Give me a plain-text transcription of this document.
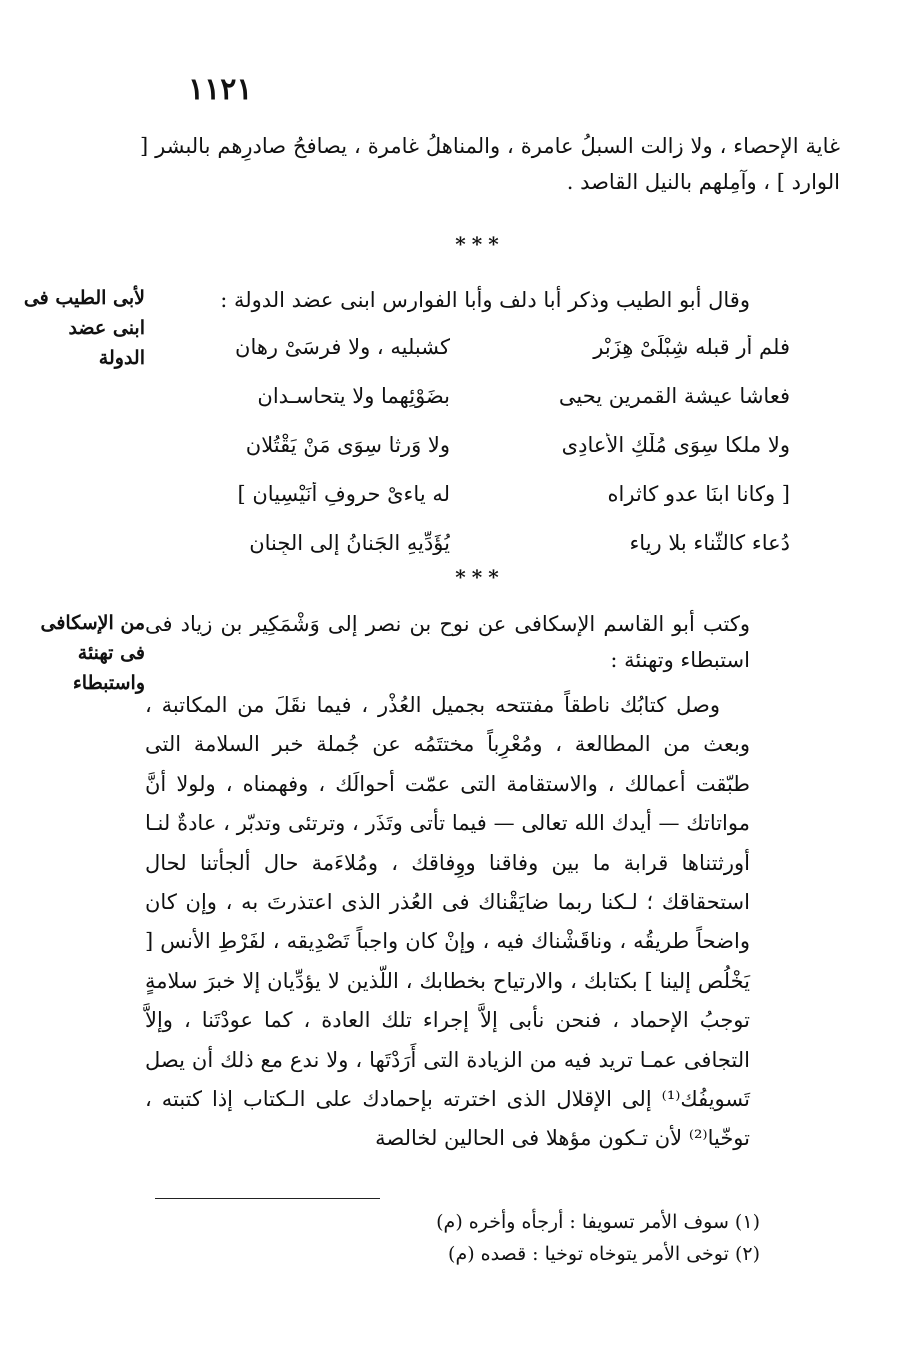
١١٢١
غاية الإحصاء ، ولا زالت السبلُ عامرة ، والمناهلُ غامرة ، يصافحُ صادرِهم بالبشر [ الوارد ] ، وآمِلهم بالنيل القاصد .
***
لأبى الطيب فى ابنى عضد الدولة
وقال أبو الطيب وذكر أبا دلف وأبا الفوارس ابنى عضد الدولة :
فلم أر قبله شِبْلَىْ هِزَبْرٍ
كشبليه ، ولا فرسَىْ رهانِ
فعاشا عيشة القمرين يحيى
بضَوْئِهما ولا يتحاسـدانِ
ولا ملكا سِوَى مُلْكِ الأعادِى
ولا وَرِثا سِوَى مَنْ يَقْتُلانِ
[ وكانا ابنَا عدو كاثراه
له ياءىْ حروفِ أُنَيْسِيانِ ]
دُعاء كالثَّناء بلا رِياء
يُؤَدِّيهِ الجَنانُ إلى الجِنانِ
***
من الإسكافى فى تهنئة واستبطاء
وكتب أبو القاسم الإسكافى عن نوح بن نصر إلى وَشْمَكِير بن زياد فى استبطاء وتهنئة :
وصل كتابُك ناطقاً مفتتحه بجميل العُذْر ، فيما نقَلَ من المكاتبة ، وبعث من المطالعة ، ومُعْرِباً مختتَمُه عن جُملة خبر السلامة التى طبّقت أعمالك ، والاستقامة التى عمّت أحوالَك ، وفهمناه ، ولولا أنَّ مواتاتك — أيدك الله تعالى — فيما تأتى وتَذَر ، وترتئى وتدبّر ، عادةٌ لنـا أورثتناها قرابة ما بين وفاقنا ووِفاقك ، ومُلاءَمة حال ألجأتنا لحال استحقاقك ؛ لـكنا ربما ضايَقْناك فى العُذر الذى اعتذرتَ به ، وإن كان واضحاً طريقُه ، وناقَشْناك فيه ، وإنْ كان واجباً تَصْدِيقه ، لفَرْطِ الأنس [ يَخْلُص إلينا ] بكتابك ، والارتياح بخطابك ، اللّذين لا يؤدِّيان إلا خبرَ سلامةٍ توجبُ الإحماد ، فنحن نأبى إلاَّ إجراء تلك العادة ، كما عودْتَنا ، وإلاَّ التجافى عمـا تريد فيه من الزيادة التى أَرَدْتَها ، ولا ندع مع ذلك أن يصل تَسويفُك⁽¹⁾ إلى الإقلال الذى اخترته بإحمادك على الـكتاب إذا كتبته ، توخّيا⁽²⁾ لأن تـكون مؤهلا فى الحالين لخالصة
(١) سوف الأمر تسويفا : أرجأه وأخره (م)
(٢) توخى الأمر يتوخاه توخيا : قصده (م)
